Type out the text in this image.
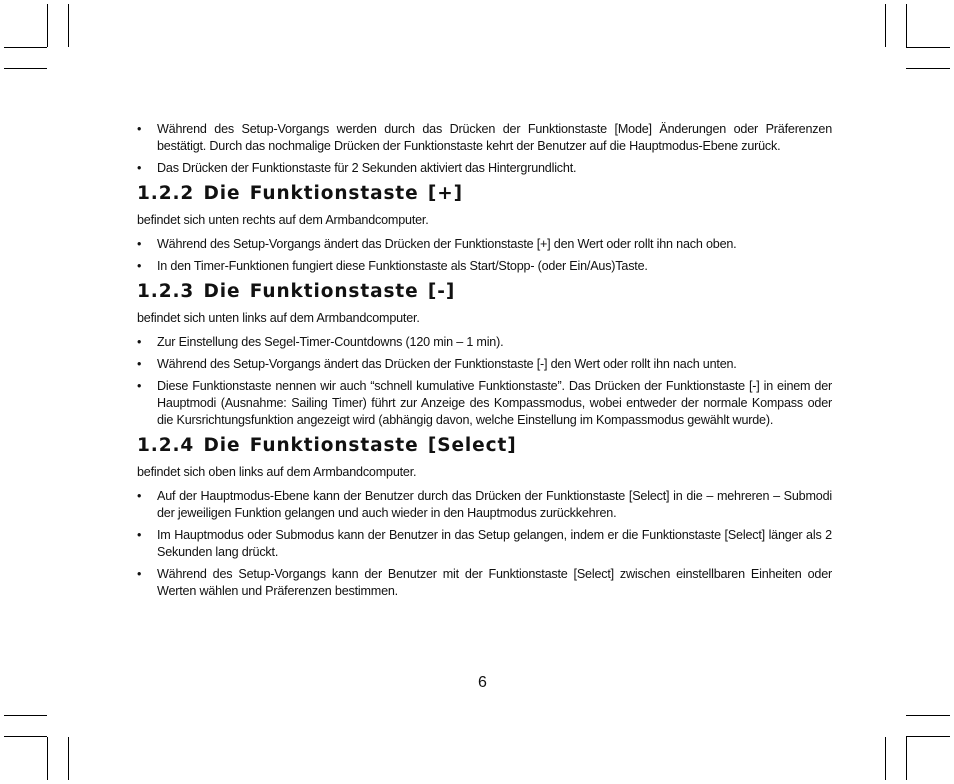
• Während des Setup-Vorgangs werden durch das Drücken der Funktionstaste [Mode] Änderungen oder Präferenzen bestätigt. Durch das nochmalige Drücken der Funktionstaste kehrt der Benutzer auf die Hauptmodus-Ebene zurück.
• Das Drücken der Funktionstaste für 2 Sekunden aktiviert das Hintergrundlicht.
1.2.2 Die Funktionstaste [+]

befindet sich unten rechts auf dem Armbandcomputer.

• Während des Setup-Vorgangs ändert das Drücken der Funktionstaste [+] den Wert oder rollt ihn nach oben.
• In den Timer-Funktionen fungiert diese Funktionstaste als Start/Stopp- (oder Ein/Aus)Taste.
1.2.3 Die Funktionstaste [-]

befindet sich unten links auf dem Armbandcomputer.

• Zur Einstellung des Segel-Timer-Countdowns (120 min – 1 min).
• Während des Setup-Vorgangs ändert das Drücken der Funktionstaste [-] den Wert oder rollt ihn nach unten.
• Diese Funktionstaste nennen wir auch “schnell kumulative Funktionstaste”. Das Drücken der Funktionstaste [-] in einem der Hauptmodi (Ausnahme: Sailing Timer) führt zur Anzeige des Kompassmodus, wobei entweder der normale Kompass oder die Kursrichtungsfunktion angezeigt wird (abhängig davon, welche Einstellung im Kompassmodus gewählt wurde).
1.2.4 Die Funktionstaste [Select]

befindet sich oben links auf dem Armbandcomputer.

• Auf der Hauptmodus-Ebene kann der Benutzer durch das Drücken der Funktionstaste [Select] in die – mehreren – Submodi der jeweiligen Funktion gelangen und auch wieder in den Hauptmodus zurückkehren.
• Im Hauptmodus oder Submodus kann der Benutzer in das Setup gelangen, indem er die Funktionstaste [Select] länger als 2 Sekunden lang drückt.
• Während des Setup-Vorgangs kann der Benutzer mit der Funktionstaste [Select] zwischen einstellbaren Einheiten oder Werten wählen und Präferenzen bestimmen.
6
